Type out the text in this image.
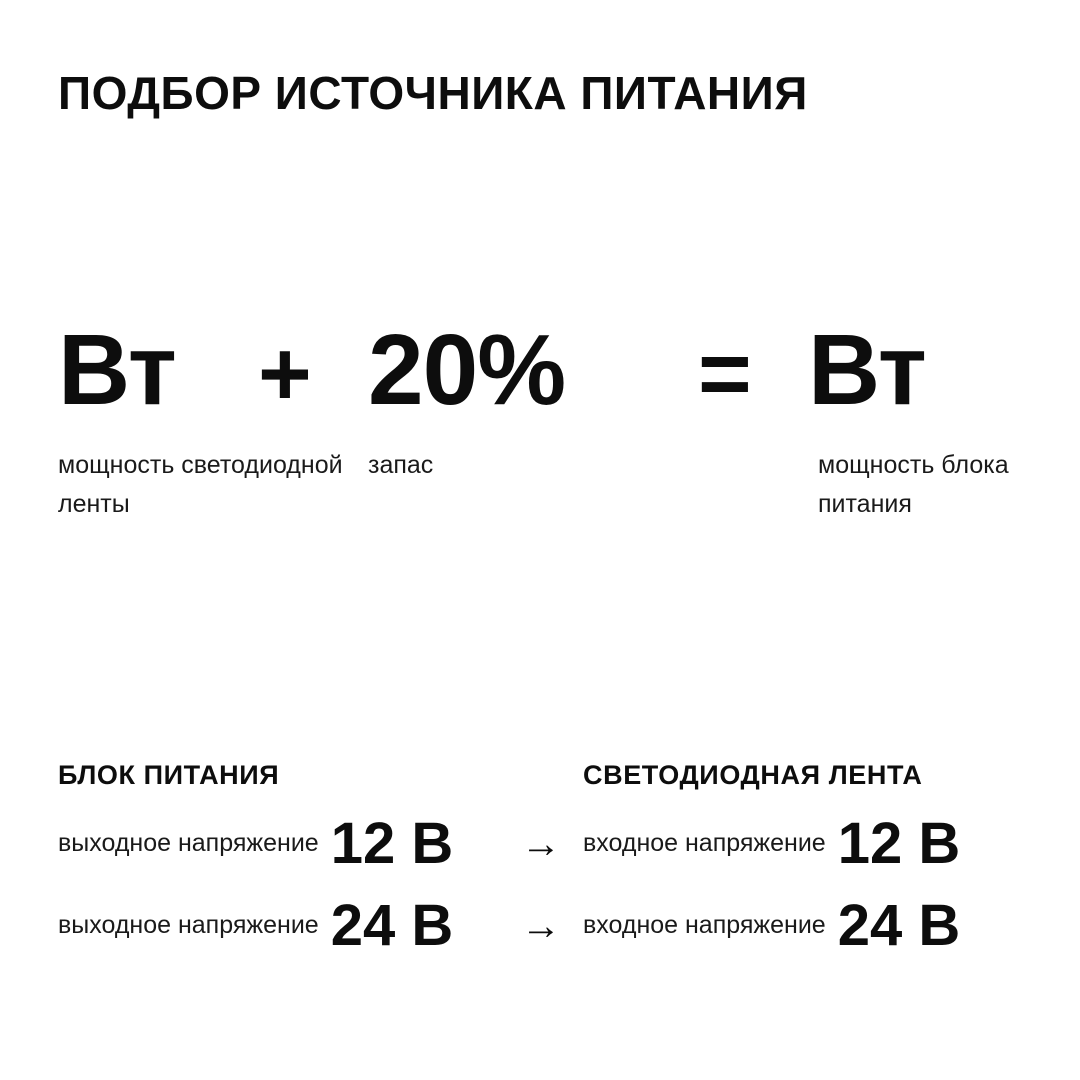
ПОДБОР ИСТОЧНИКА ПИТАНИЯ
Вт + 20%	= Вт
мощность светодиодной ленты
запас	мощность блока питания
БЛОК ПИТАНИЯ
выходное напряжение 12 В →
выходное напряжение 24 В →
СВЕТОДИОДНАЯ ЛЕНТА
входное напряжение 12 В
входное напряжение 24 В
